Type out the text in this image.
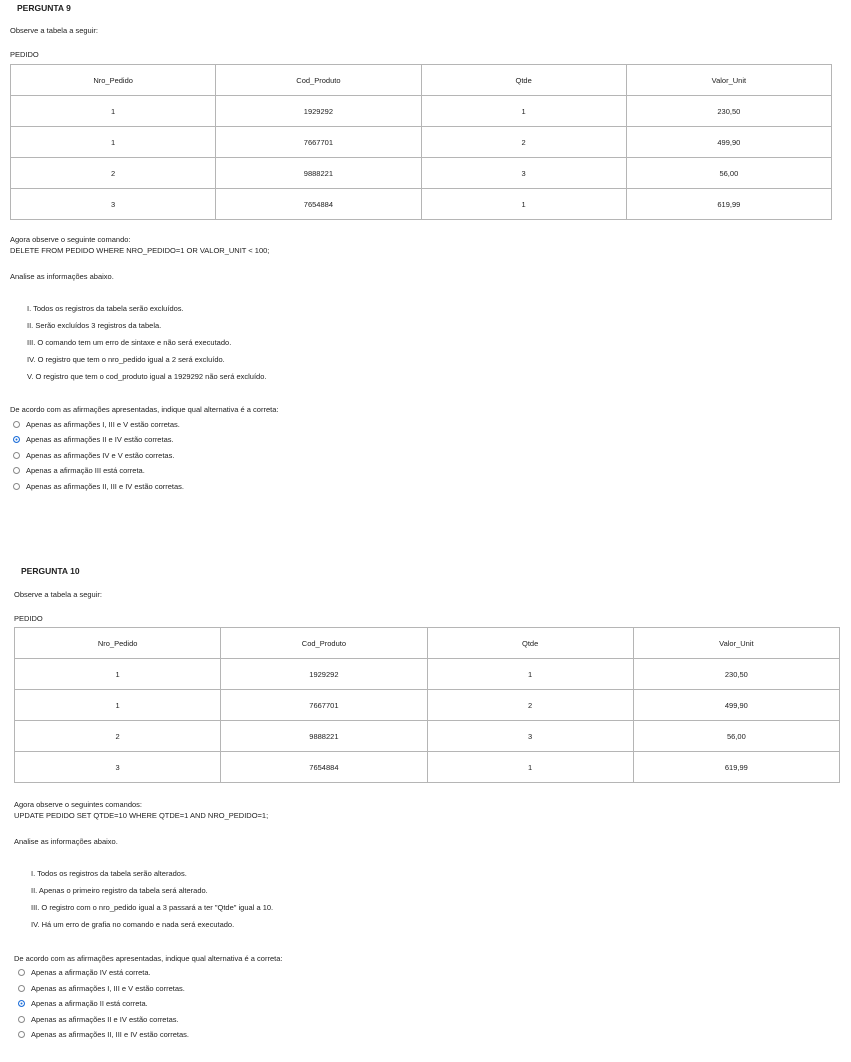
PERGUNTA 9
Observe a tabela a seguir:
PEDIDO
Nro_Pedido	Cod_Produto	Qtde	Valor_Unit
1	1929292	1	230,50
1	7667701	2	499,90
2	9888221	3	56,00
3	7654884	1	619,99
Agora observe o seguinte comando:
DELETE FROM PEDIDO WHERE NRO_PEDIDO=1 OR VALOR_UNIT < 100;
Analise as informações abaixo.
I. Todos os registros da tabela serão excluídos.
II. Serão excluídos 3 registros da tabela.
III. O comando tem um erro de sintaxe e não será executado.
IV. O registro que tem o nro_pedido igual a 2 será excluído.
V. O registro que tem o cod_produto igual a 1929292 não será excluído.
De acordo com as afirmações apresentadas, indique qual alternativa é a correta:
Apenas as afirmações I, III e V estão corretas.
Apenas as afirmações II e IV estão corretas.
Apenas as afirmações IV e V estão corretas.
Apenas a afirmação III está correta.
Apenas as afirmações II, III e IV estão corretas.
PERGUNTA 10
Observe a tabela a seguir:
PEDIDO
Nro_Pedido	Cod_Produto	Qtde	Valor_Unit
1	1929292	1	230,50
1	7667701	2	499,90
2	9888221	3	56,00
3	7654884	1	619,99
Agora observe o seguintes comandos:
UPDATE PEDIDO SET QTDE=10 WHERE QTDE=1 AND NRO_PEDIDO=1;
Analise as informações abaixo.
I. Todos os registros da tabela serão alterados.
II. Apenas o primeiro registro da tabela será alterado.
III. O registro com o nro_pedido igual a 3 passará a ter "Qtde" igual a 10.
IV. Há um erro de grafia no comando e nada será executado.
De acordo com as afirmações apresentadas, indique qual alternativa é a correta:
Apenas a afirmação IV está correta.
Apenas as afirmações I, III e V estão corretas.
Apenas a afirmação II está correta.
Apenas as afirmações II e IV estão corretas.
Apenas as afirmações II, III e IV estão corretas.
